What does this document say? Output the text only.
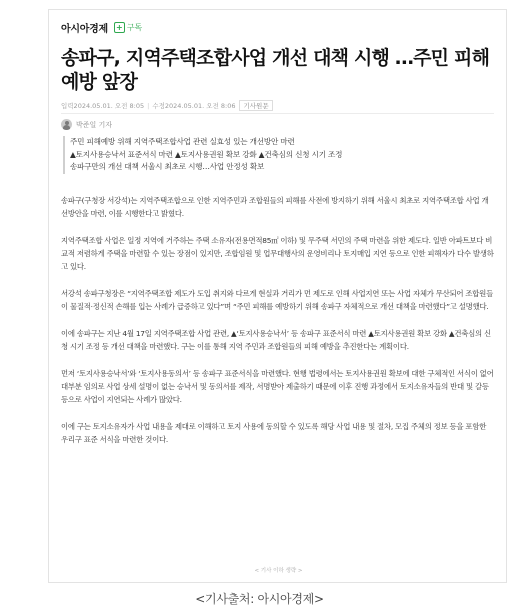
아시아경제 + 구독
송파구, 지역주택조합사업 개선 대책 시행 …주민 피해 예방 앞장
입력2024.05.01. 오전 8:05 | 수정2024.05.01. 오전 8:06	기사원문
박준일 기자
주민 피해예방 위해 지역주택조합사업 관련 실효성 있는 개선방안 마련
▲토지사용승낙서 표준서식 마련 ▲토지사용권원 확보 강화 ▲건축심의 신청 시기 조정
송파구만의 개선 대책 서울시 최초로 시행…사업 안정성 확보

송파구(구청장 서강석)는 지역주택조합으로 인한 지역주민과 조합원들의 피해를 사전에 방지하기 위해 서울시 최초로 지역주택조합 사업 개선방안을 마련, 이를 시행한다고 밝혔다.

지역주택조합 사업은 일정 지역에 거주하는 주택 소유자(전용면적85㎡ 이하) 및 무주택 서민의 주택 마련을 위한 제도다. 일반 아파트보다 비교적 저렴하게 주택을 마련할 수 있는 장점이 있지만, 조합임원 및 업무대행사의 운영비리나 토지매입 지연 등으로 인한 피해자가 다수 발생하고 있다.

서강석 송파구청장은 “지역주택조합 제도가 도입 취지와 다르게 현실과 거리가 먼 제도로 인해 사업지연 또는 사업 자체가 무산되어 조합원들이 물질적·정신적 손해를 입는 사례가 급증하고 있다”며 “주민 피해를 예방하기 위해 송파구 자체적으로 개선 대책을 마련했다”고 설명했다.

이에 송파구는 지난 4월 17일 지역주택조합 사업 관련, ▲‘토지사용승낙서’ 등 송파구 표준서식 마련 ▲토지사용권원 확보 강화 ▲건축심의 신청 시기 조정 등 개선 대책을 마련했다. 구는 이를 통해 지역 주민과 조합원들의 피해 예방을 추진한다는 계획이다.

먼저 ‘토지사용승낙서’와 ‘토지사용동의서’ 등 송파구 표준서식을 마련했다. 현행 법령에서는 토지사용권원 확보에 대한 구체적인 서식이 없어 대부분 임의로 사업 상세 설명이 없는 승낙서 및 동의서를 제작, 서명받아 제출하기 때문에 이후 진행 과정에서 토지소유자들의 반대 및 갈등 등으로 사업이 지연되는 사례가 많았다.

이에 구는 토지소유자가 사업 내용을 제대로 이해하고 토지 사용에 동의할 수 있도록 해당 사업 내용 및 절차, 모집 주체의 정보 등을 포함한 우리구 표준 서식을 마련한 것이다.

< 기사 이하 생략 >
<기사출처: 아시아경제>
